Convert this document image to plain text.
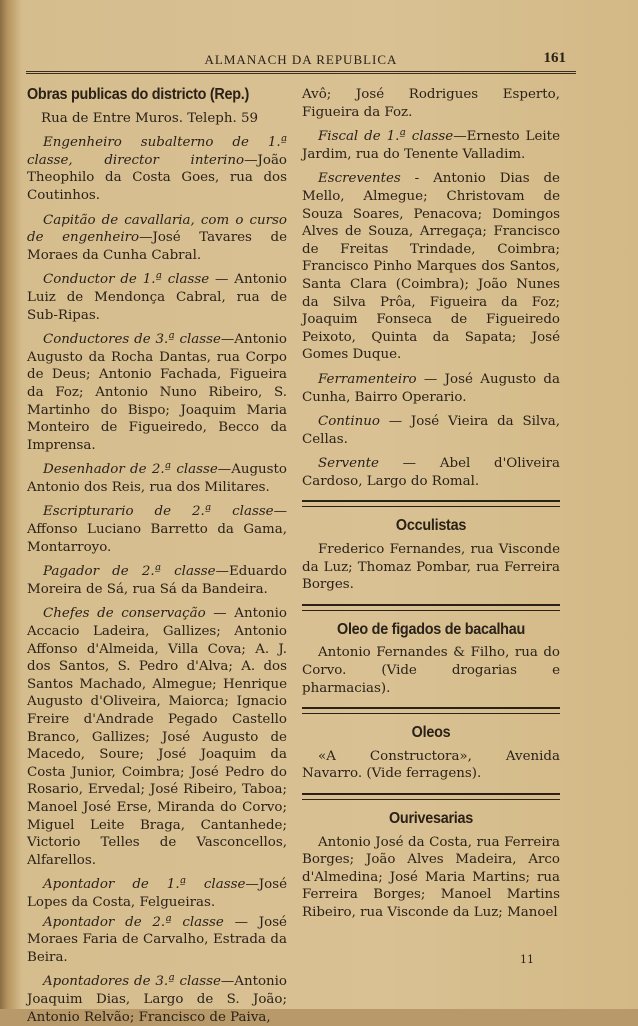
ALMANACH DA REPUBLICA	161
Obras publicas do districto (Rep.)

Rua de Entre Muros. Teleph. 59

Engenheiro subalterno de 1.ª classe, director interino—João Theophilo da Costa Goes, rua dos Coutinhos.

Capitão de cavallaria, com o curso de engenheiro—José Tavares de Moraes da Cunha Cabral.

Conductor de 1.ª classe — Antonio Luiz de Mendonça Cabral, rua de Sub-Ripas.

Conductores de 3.ª classe—Antonio Augusto da Rocha Dantas, rua Corpo de Deus; Antonio Fachada, Figueira da Foz; Antonio Nuno Ribeiro, S. Martinho do Bispo; Joaquim Maria Monteiro de Figueiredo, Becco da Imprensa.

Desenhador de 2.ª classe—Augusto Antonio dos Reis, rua dos Militares.

Escripturario de 2.ª classe—Affonso Luciano Barretto da Gama, Montarroyo.

Pagador de 2.ª classe—Eduardo Moreira de Sá, rua Sá da Bandeira.

Chefes de conservação — Antonio Accacio Ladeira, Gallizes; Antonio Affonso d'Almeida, Villa Cova; A. J. dos Santos, S. Pedro d'Alva; A. dos Santos Machado, Almegue; Henrique Augusto d'Oliveira, Maiorca; Ignacio Freire d'Andrade Pegado Castello Branco, Gallizes; José Augusto de Macedo, Soure; José Joaquim da Costa Junior, Coimbra; José Pedro do Rosario, Ervedal; José Ribeiro, Taboa; Manoel José Erse, Miranda do Corvo; Miguel Leite Braga, Cantanhede; Victorio Telles de Vasconcellos, Alfarellos.

Apontador de 1.ª classe—José Lopes da Costa, Felgueiras.

Apontador de 2.ª classe — José Moraes Faria de Carvalho, Estrada da Beira.

Apontadores de 3.ª classe—Antonio Joaquim Dias, Largo de S. João; Antonio Relvão; Francisco de Paiva,

Avô; José Rodrigues Esperto, Figueira da Foz.

Fiscal de 1.ª classe—Ernesto Leite Jardim, rua do Tenente Valladim.

Escreventes - Antonio Dias de Mello, Almegue; Christovam de Souza Soares, Penacova; Domingos Alves de Souza, Arregaça; Francisco de Freitas Trindade, Coimbra; Francisco Pinho Marques dos Santos, Santa Clara (Coimbra); João Nunes da Silva Prôa, Figueira da Foz; Joaquim Fonseca de Figueiredo Peixoto, Quinta da Sapata; José Gomes Duque.

Ferramenteiro — José Augusto da Cunha, Bairro Operario.

Continuo — José Vieira da Silva, Cellas.

Servente — Abel d'Oliveira Cardoso, Largo do Romal.

Occulistas

Frederico Fernandes, rua Visconde da Luz; Thomaz Pombar, rua Ferreira Borges.

Oleo de figados de bacalhau

Antonio Fernandes & Filho, rua do Corvo. (Vide drogarias e pharmacias).

Oleos

«A Constructora», Avenida Navarro. (Vide ferragens).

Ourivesarias

Antonio José da Costa, rua Ferreira Borges; João Alves Madeira, Arco d'Almedina; José Maria Martins; rua Ferreira Borges; Manoel Martins Ribeiro, rua Visconde da Luz; Manoel

11
